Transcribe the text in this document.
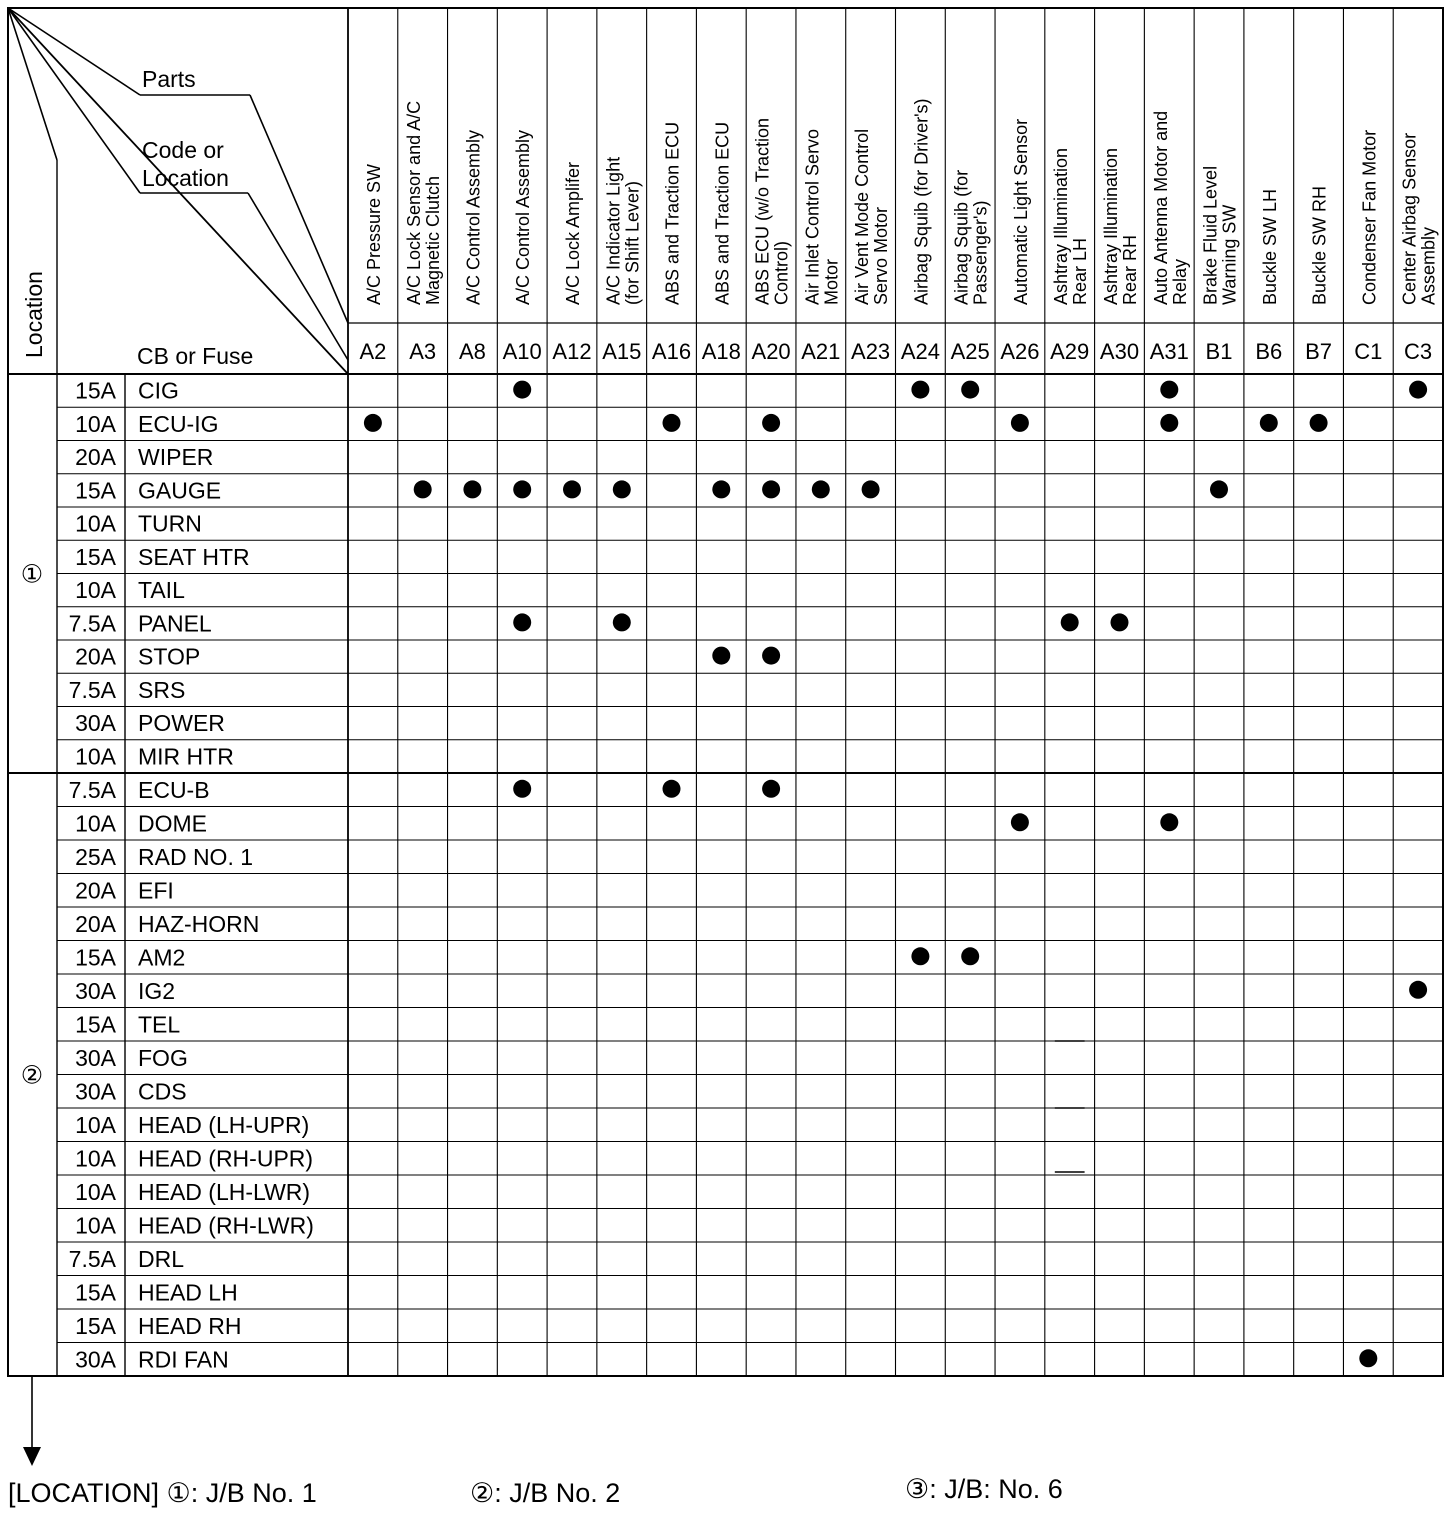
Parts
Code or
Location
CB or Fuse
Location
A/C Pressure SW
A2
A/C Lock Sensor and A/C Magnetic Clutch
A3
A/C Control Assembly
A8
A/C Control Assembly
A10
A/C Lock Amplifer
A12
A/C Indicator Light (for Shift Lever)
A15
ABS and Traction ECU
A16
ABS and Traction ECU
A18
ABS ECU (w/o Traction Control)
A20
Air Inlet Control Servo Motor
A21
Air Vent Mode Control Servo Motor
A23
Airbag Squib (for Driver's)
A24
Airbag Squib (for Passenger's)
A25
Automatic Light Sensor
A26
Ashtray Illumination Rear LH
A29
Ashtray Illumination Rear RH
A30
Auto Antenna Motor and Relay
A31
Brake Fluid Level Warning SW
B1
Buckle SW LH
B6
Buckle SW RH
B7
Condenser Fan Motor
C1
Center Airbag Sensor Assembly
C3
①
15A CIG
10A ECU-IG
20A WIPER
15A GAUGE
10A TURN
15A SEAT HTR
10A TAIL
7.5A PANEL
20A STOP
7.5A SRS
30A POWER
10A MIR HTR
②
7.5A ECU-B
10A DOME
25A RAD NO. 1
20A EFI
20A HAZ-HORN
15A AM2
30A IG2
15A TEL
30A FOG
30A CDS
10A HEAD (LH-UPR)
10A HEAD (RH-UPR)
10A HEAD (LH-LWR)
10A HEAD (RH-LWR)
7.5A DRL
15A HEAD LH
15A HEAD RH
30A RDI FAN
[LOCATION] ①: J/B No. 1	②: J/B No. 2	③: J/B: No. 6
